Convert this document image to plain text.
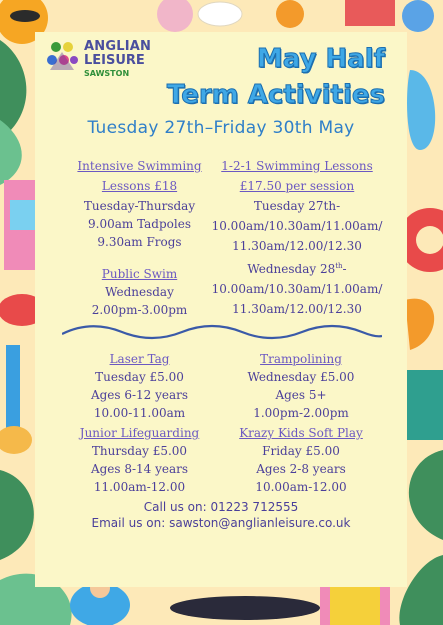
ANGLIAN
LEISURE
SAWSTON	May Half
Term Activities
Tuesday 27th–Friday 30th May
Intensive Swimming
Lessons £18
Tuesday-Thursday
9.00am Tadpoles
9.30am Frogs
Public Swim
Wednesday
2.00pm-3.00pm
1-2-1 Swimming Lessons
£17.50 per session
Tuesday 27th-
10.00am/10.30am/11.00am/
11.30am/12.00/12.30
Wednesday 28th-
10.00am/10.30am/11.00am/
11.30am/12.00/12.30
Laser Tag
Tuesday £5.00
Ages 6-12 years
10.00-11.00am
Trampolining
Wednesday £5.00
Ages 5+
1.00pm-2.00pm
Junior Lifeguarding
Thursday £5.00
Ages 8-14 years
11.00am-12.00
Krazy Kids Soft Play
Friday £5.00
Ages 2-8 years
10.00am-12.00
Call us on: 01223 712555
Email us on: sawston@anglianleisure.co.uk
